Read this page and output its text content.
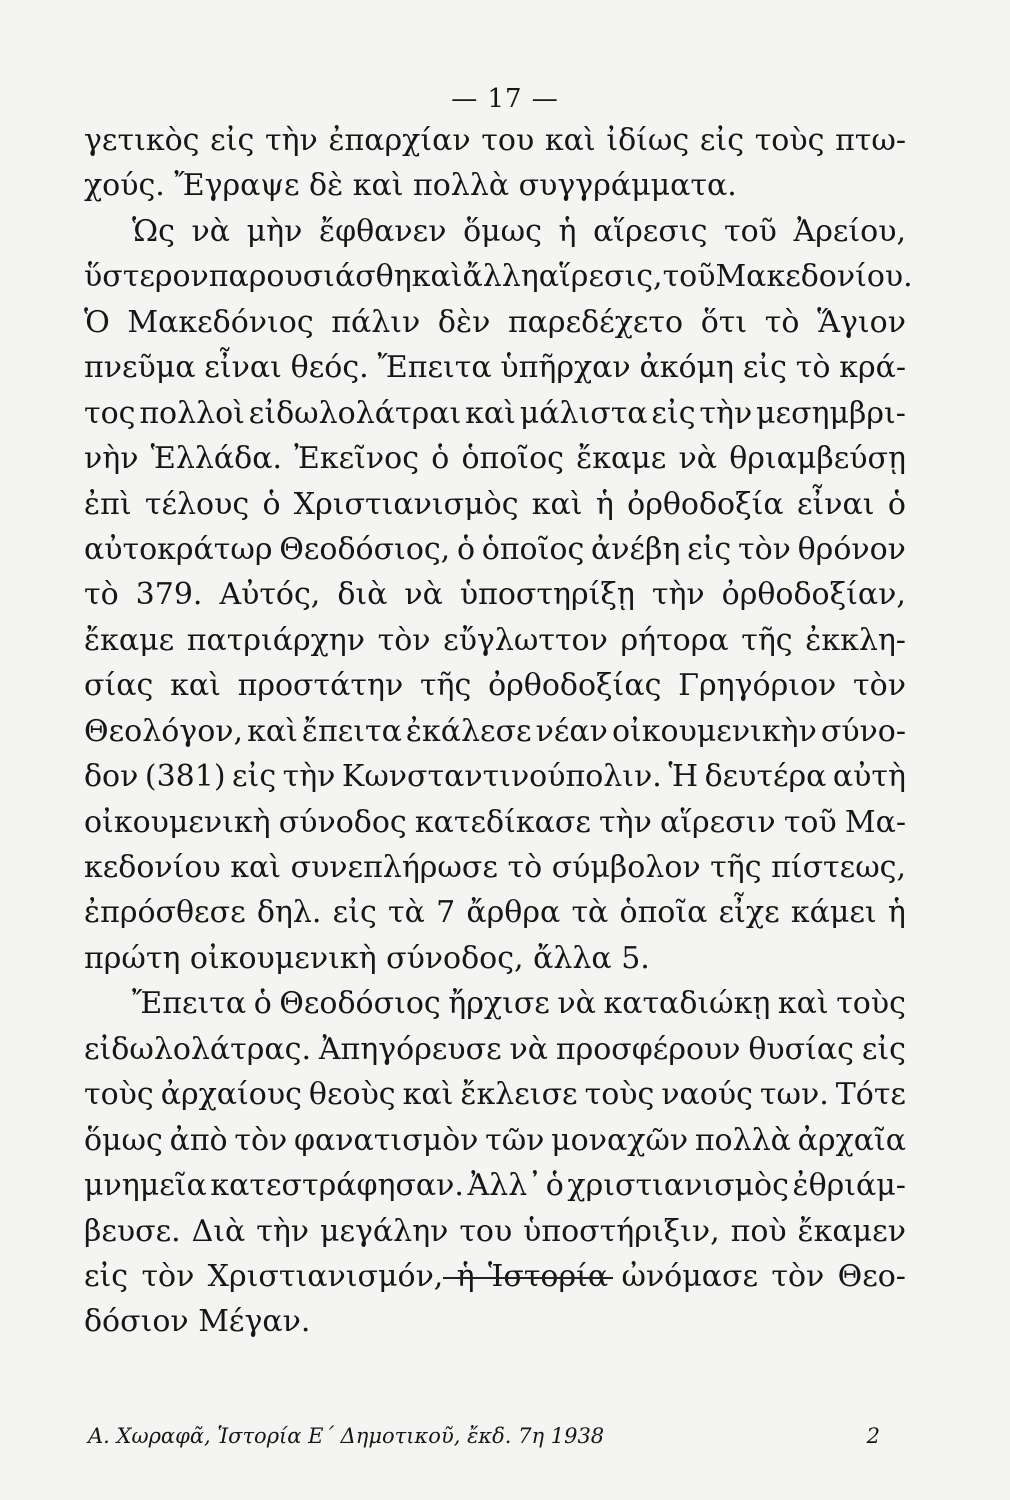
— 17 —
γετικὸς εἰς τὴν ἐπαρχίαν του καὶ ἰδίως εἰς τοὺς πτω-
χούς. Ἔγραψε δὲ καὶ πολλὰ συγγράμματα.
Ὡς νὰ μὴν ἔφθανεν ὅμως ἡ αἵρεσις τοῦ Ἀρείου,
ὕστερον παρουσιάσθη καὶ ἄλλη αἵρεσις, τοῦ Μακεδονίου.
Ὁ Μακεδόνιος πάλιν δὲν παρεδέχετο ὅτι τὸ Ἅγιον
πνεῦμα εἶναι θεός. Ἔπειτα ὑπῆρχαν ἀκόμη εἰς τὸ κρά-
τος πολλοὶ εἰδωλολάτραι καὶ μάλιστα εἰς τὴν μεσημβρι-
νὴν Ἑλλάδα. Ἐκεῖνος ὁ ὁποῖος ἔκαμε νὰ θριαμβεύσῃ
ἐπὶ τέλους ὁ Χριστιανισμὸς καὶ ἡ ὀρθοδοξία εἶναι ὁ
αὐτοκράτωρ Θεοδόσιος, ὁ ὁποῖος ἀνέβη εἰς τὸν θρόνον
τὸ 379. Αὐτός, διὰ νὰ ὑποστηρίξῃ τὴν ὀρθοδοξίαν,
ἔκαμε πατριάρχην τὸν εὔγλωττον ρήτορα τῆς ἐκκλη-
σίας καὶ προστάτην τῆς ὀρθοδοξίας Γρηγόριον τὸν
Θεολόγον, καὶ ἔπειτα ἐκάλεσε νέαν οἰκουμενικὴν σύνο-
δον (381) εἰς τὴν Κωνσταντινούπολιν. Ἡ δευτέρα αὐτὴ
οἰκουμενικὴ σύνοδος κατεδίκασε τὴν αἵρεσιν τοῦ Μα-
κεδονίου καὶ συνεπλήρωσε τὸ σύμβολον τῆς πίστεως,
ἐπρόσθεσε δηλ. εἰς τὰ 7 ἄρθρα τὰ ὁποῖα εἶχε κάμει ἡ
πρώτη οἰκουμενικὴ σύνοδος, ἄλλα 5.
Ἔπειτα ὁ Θεοδόσιος ἤρχισε νὰ καταδιώκῃ καὶ τοὺς
εἰδωλολάτρας. Ἀπηγόρευσε νὰ προσφέρουν θυσίας εἰς
τοὺς ἀρχαίους θεοὺς καὶ ἔκλεισε τοὺς ναούς των. Τότε
ὅμως ἀπὸ τὸν φανατισμὸν τῶν μοναχῶν πολλὰ ἀρχαῖα
μνημεῖα κατεστράφησαν. Ἀλλ᾽ ὁ χριστιανισμὸς ἐθριάμ-
βευσε. Διὰ τὴν μεγάλην του ὑποστήριξιν, ποὺ ἔκαμεν
εἰς τὸν Χριστιανισμόν, ἡ Ἱστορία ὠνόμασε τὸν Θεο-
δόσιον Μέγαν.
Α. Χωραφᾶ, Ἱστορία Ε΄ Δημοτικοῦ, ἔκδ. 7η 1938	2
